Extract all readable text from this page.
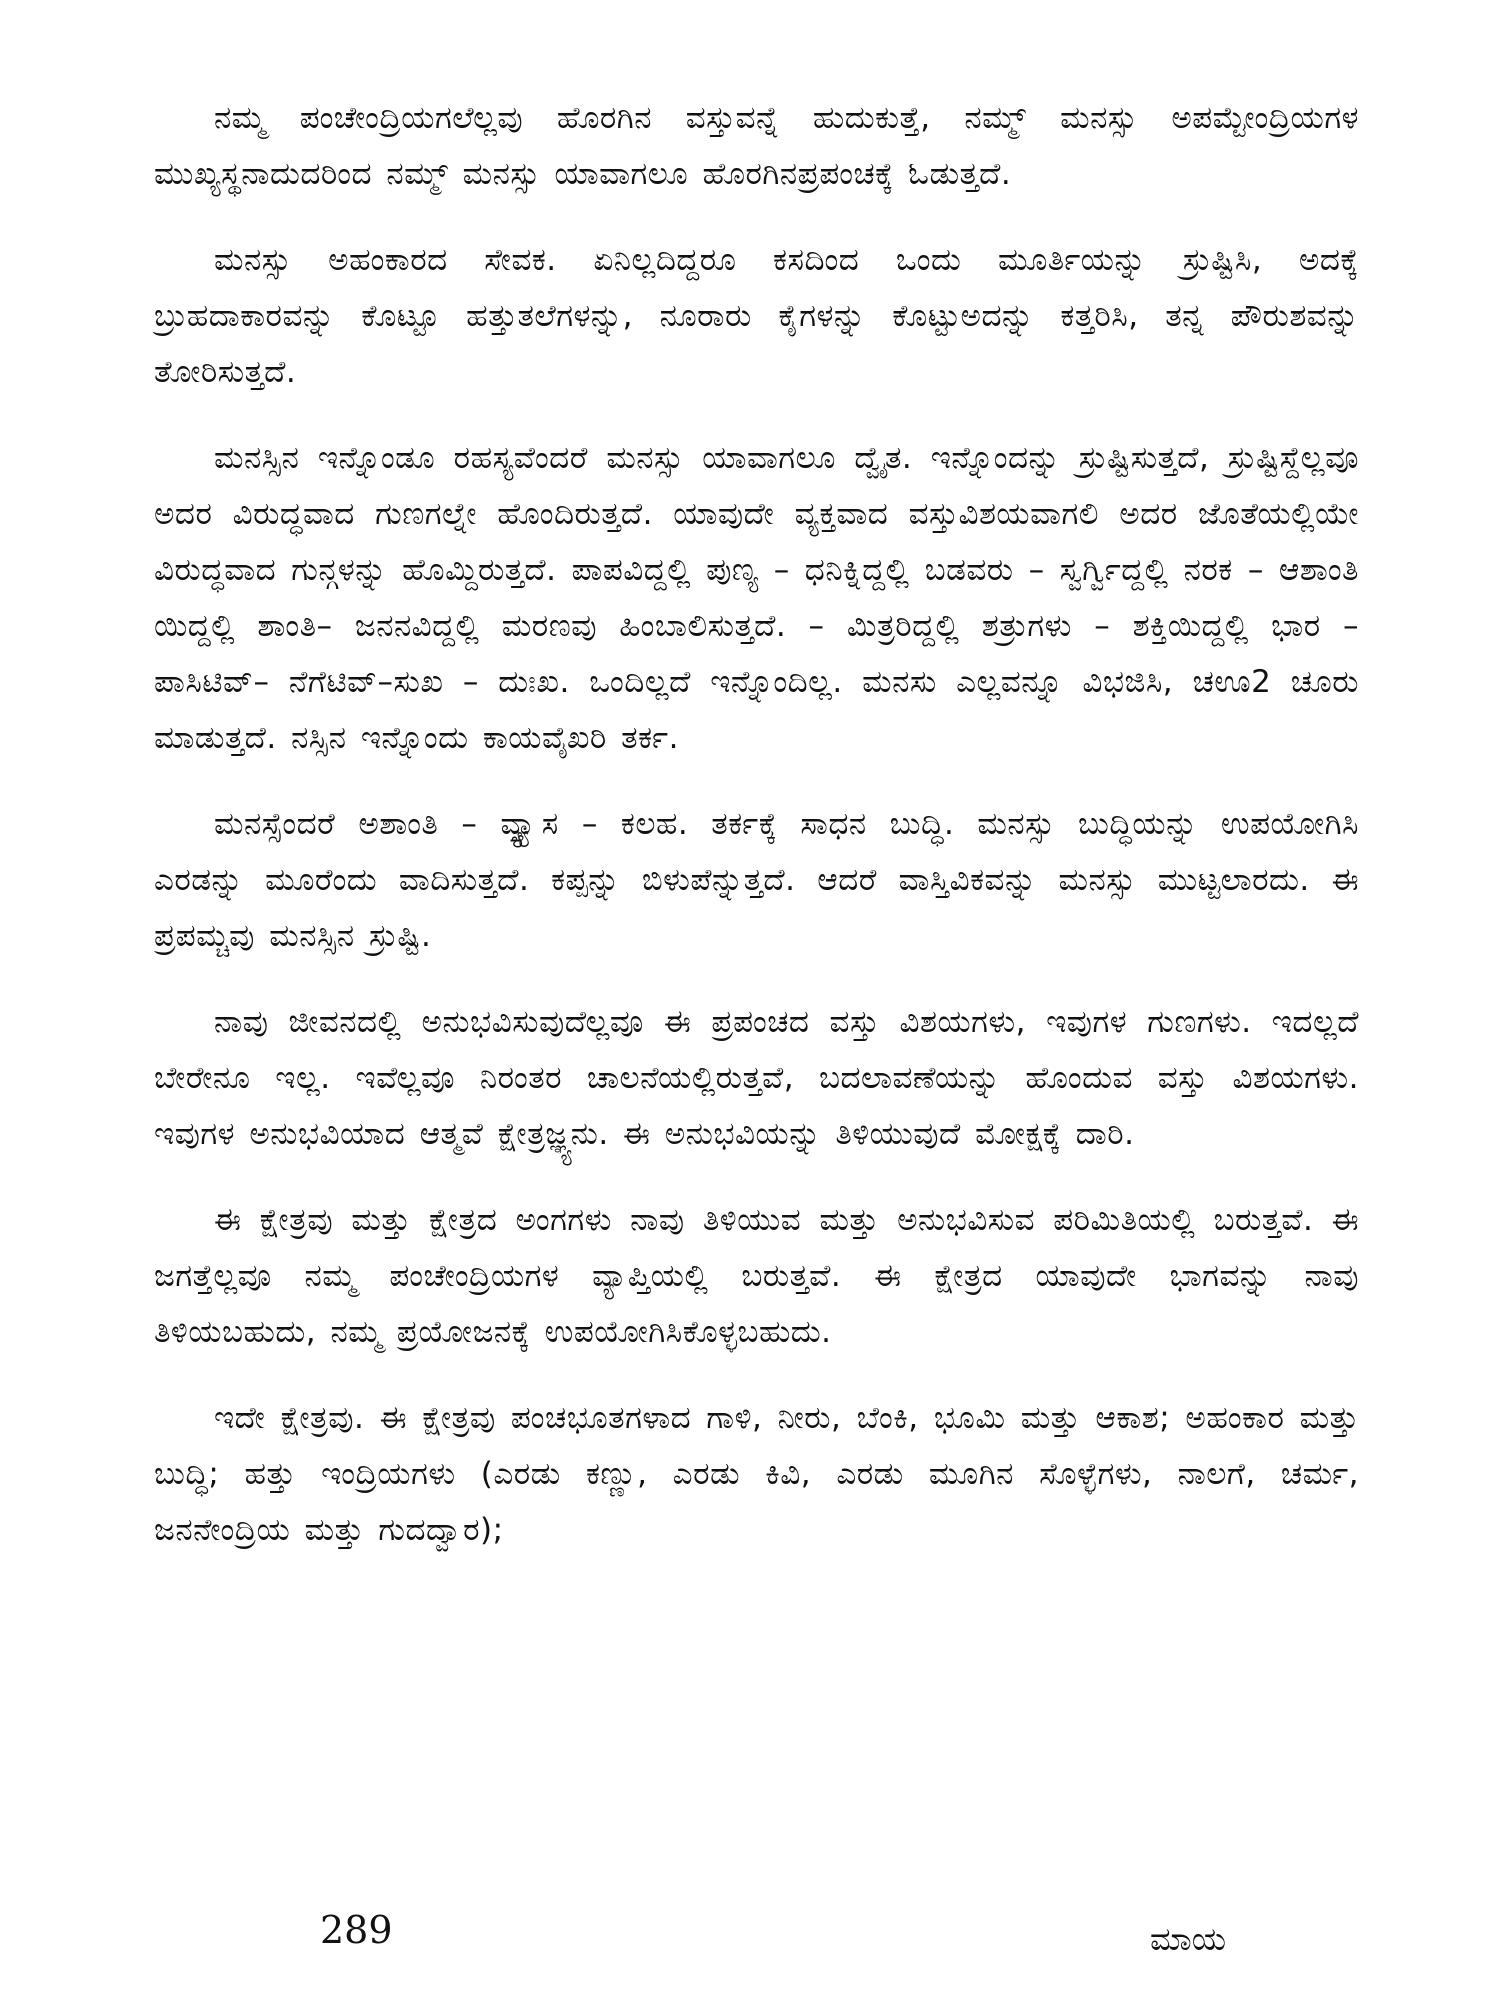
ನಮ್ಮ ಪಂಚೇಂದ್ರಿಯಗಲೆಲ್ಲವು ಹೊರಗಿನ ವಸ್ತುವನ್ನೆ ಹುದುಕುತ್ತೆ, ನಮ್ಮ್ ಮನಸ್ಸು ಅಪಮ್ಟೇಂದ್ರಿಯಗಳ ಮುಖ್ಯಸ್ಥನಾದುದರಿಂದ ನಮ್ಮ್ ಮನಸ್ಸು ಯಾವಾಗಲೂ ಹೊರಗಿನಪ್ರಪಂಚಕ್ಕೆ ಓಡುತ್ತದೆ.

ಮನಸ್ಸು ಅಹಂಕಾರದ ಸೇವಕ. ಏನಿಲ್ಲದಿದ್ದರೂ ಕಸದಿಂದ ಒಂದು ಮೂರ್ತಿಯನ್ನು ಸ್ರುಷ್ಟಿಸಿ, ಅದಕ್ಕೆ ಬ್ರುಹದಾಕಾರವನ್ನು ಕೊಟ್ಟೂ ಹತ್ತುತಲೆಗಳನ್ನು, ನೂರಾರು ಕೈಗಳನ್ನು ಕೊಟ್ಟುಅದನ್ನು ಕತ್ತರಿಸಿ, ತನ್ನ ಪೌರುಶವನ್ನು ತೋರಿಸುತ್ತದೆ.

ಮನಸ್ಸಿನ ಇನ್ನೊಂಡೂ ರಹಸ್ಯವೆಂದರೆ ಮನಸ್ಸು ಯಾವಾಗಲೂ ದ್ವೈತ. ಇನ್ನೊಂದನ್ನು ಸ್ರುಷ್ಟಿಸುತ್ತದೆ, ಸ್ರುಷ್ಟಿಸ್ದೆಲ್ಲವೂ ಅದರ ವಿರುದ್ಧವಾದ ಗುಣಗಲ್ನೇ ಹೊಂದಿರುತ್ತದೆ. ಯಾವುದೇ ವ್ಯಕ್ತವಾದ ವಸ್ತುವಿಶಯವಾಗಲಿ ಅದರ ಜೊತೆಯಲ್ಲಿಯೇ ವಿರುದ್ಧವಾದ ಗುನ್ಗಳನ್ನು ಹೊಮ್ದಿರುತ್ತದೆ. ಪಾಪವಿದ್ದಲ್ಲಿ ಪುಣ್ಯ – ಧನಿಕ್ನಿದ್ದಲ್ಲಿ ಬಡವರು – ಸ್ವರ್ಗ್ವಿದ್ದಲ್ಲಿ ನರಕ – ಆಶಾಂತಿ ಯಿದ್ದಲ್ಲಿ ಶಾಂತಿ– ಜನನವಿದ್ದಲ್ಲಿ ಮರಣವು ಹಿಂಬಾಲಿಸುತ್ತದೆ. – ಮಿತ್ರರಿದ್ದಲ್ಲಿ ಶತ್ರುಗಳು – ಶಕ್ತಿಯಿದ್ದಲ್ಲಿ ಭಾರ – ಪಾಸಿಟಿವ್– ನೆಗೆಟಿವ್–ಸುಖ – ದುಃಖ. ಒಂದಿಲ್ಲದೆ ಇನ್ನೊಂದಿಲ್ಲ. ಮನಸು ಎಲ್ಲವನ್ನೂ ವಿಭಜಿಸಿ, ಚಊ2 ಚೂರು ಮಾಡುತ್ತದೆ. ನಸ್ಸಿನ ಇನ್ನೊಂದು ಕಾಯವೈಖರಿ ತರ್ಕ.

ಮನಸ್ಸೆಂದರೆ ಅಶಾಂತಿ – ವ್ಯ್ತ್ಯಾಸ – ಕಲಹ. ತರ್ಕಕ್ಕೆ ಸಾಧನ ಬುದ್ಧಿ. ಮನಸ್ಸು ಬುದ್ಧಿಯನ್ನು ಉಪಯೋಗಿಸಿ ಎರಡನ್ನು ಮೂರೆಂದು ವಾದಿಸುತ್ತದೆ. ಕಪ್ಪನ್ನು ಬಿಳುಪೆನ್ನುತ್ತದೆ. ಆದರೆ ವಾಸ್ತಿವಿಕವನ್ನು ಮನಸ್ಸು ಮುಟ್ಟಲಾರದು. ಈ ಪ್ರಪಮ್ಚವು ಮನಸ್ಸಿನ ಸ್ರುಷ್ಟಿ.

ನಾವು ಜೀವನದಲ್ಲಿ ಅನುಭವಿಸುವುದೆಲ್ಲವೂ ಈ ಪ್ರಪಂಚದ ವಸ್ತು ವಿಶಯಗಳು, ಇವುಗಳ ಗುಣಗಳು. ಇದಲ್ಲದೆ ಬೇರೇನೂ ಇಲ್ಲ. ಇವೆಲ್ಲವೂ ನಿರಂತರ ಚಾಲನೆಯಲ್ಲಿರುತ್ತವೆ, ಬದಲಾವಣೆಯನ್ನು ಹೊಂದುವ ವಸ್ತು ವಿಶಯಗಳು. ಇವುಗಳ ಅನುಭವಿಯಾದ ಆತ್ಮವೆ ಕ್ಷೇತ್ರಜ್ಞ್ಯನು. ಈ ಅನುಭವಿಯನ್ನು ತಿಳಿಯುವುದೆ ಮೋಕ್ಷಕ್ಕೆ ದಾರಿ.

ಈ ಕ್ಷೇತ್ರವು ಮತ್ತು ಕ್ಷೇತ್ರದ ಅಂಗಗಳು ನಾವು ತಿಳಿಯುವ ಮತ್ತು ಅನುಭವಿಸುವ ಪರಿಮಿತಿಯಲ್ಲಿ ಬರುತ್ತವೆ. ಈ ಜಗತ್ತೆಲ್ಲವೂ ನಮ್ಮ ಪಂಚೇಂದ್ರಿಯಗಳ ವ್ಯಾಪ್ತಿಯಲ್ಲಿ ಬರುತ್ತವೆ. ಈ ಕ್ಷೇತ್ರದ ಯಾವುದೇ ಭಾಗವನ್ನು ನಾವು ತಿಳಿಯಬಹುದು, ನಮ್ಮ ಪ್ರಯೋಜನಕ್ಕೆ ಉಪಯೋಗಿಸಿಕೊಳ್ಳಬಹುದು.

ಇದೇ ಕ್ಷೇತ್ರವು. ಈ ಕ್ಷೇತ್ರವು ಪಂಚಭೂತಗಳಾದ ಗಾಳಿ, ನೀರು, ಬೆಂಕಿ, ಭೂಮಿ ಮತ್ತು ಆಕಾಶ; ಅಹಂಕಾರ ಮತ್ತು ಬುದ್ಧಿ; ಹತ್ತು ಇಂದ್ರಿಯಗಳು (ಎರಡು ಕಣ್ಣು, ಎರಡು ಕಿವಿ, ಎರಡು ಮೂಗಿನ ಸೊಳ್ಳೆಗಳು, ನಾಲಗೆ, ಚರ್ಮ, ಜನನೇಂದ್ರಿಯ ಮತ್ತು ಗುದದ್ವಾರ);

289	ಮಾಯ
